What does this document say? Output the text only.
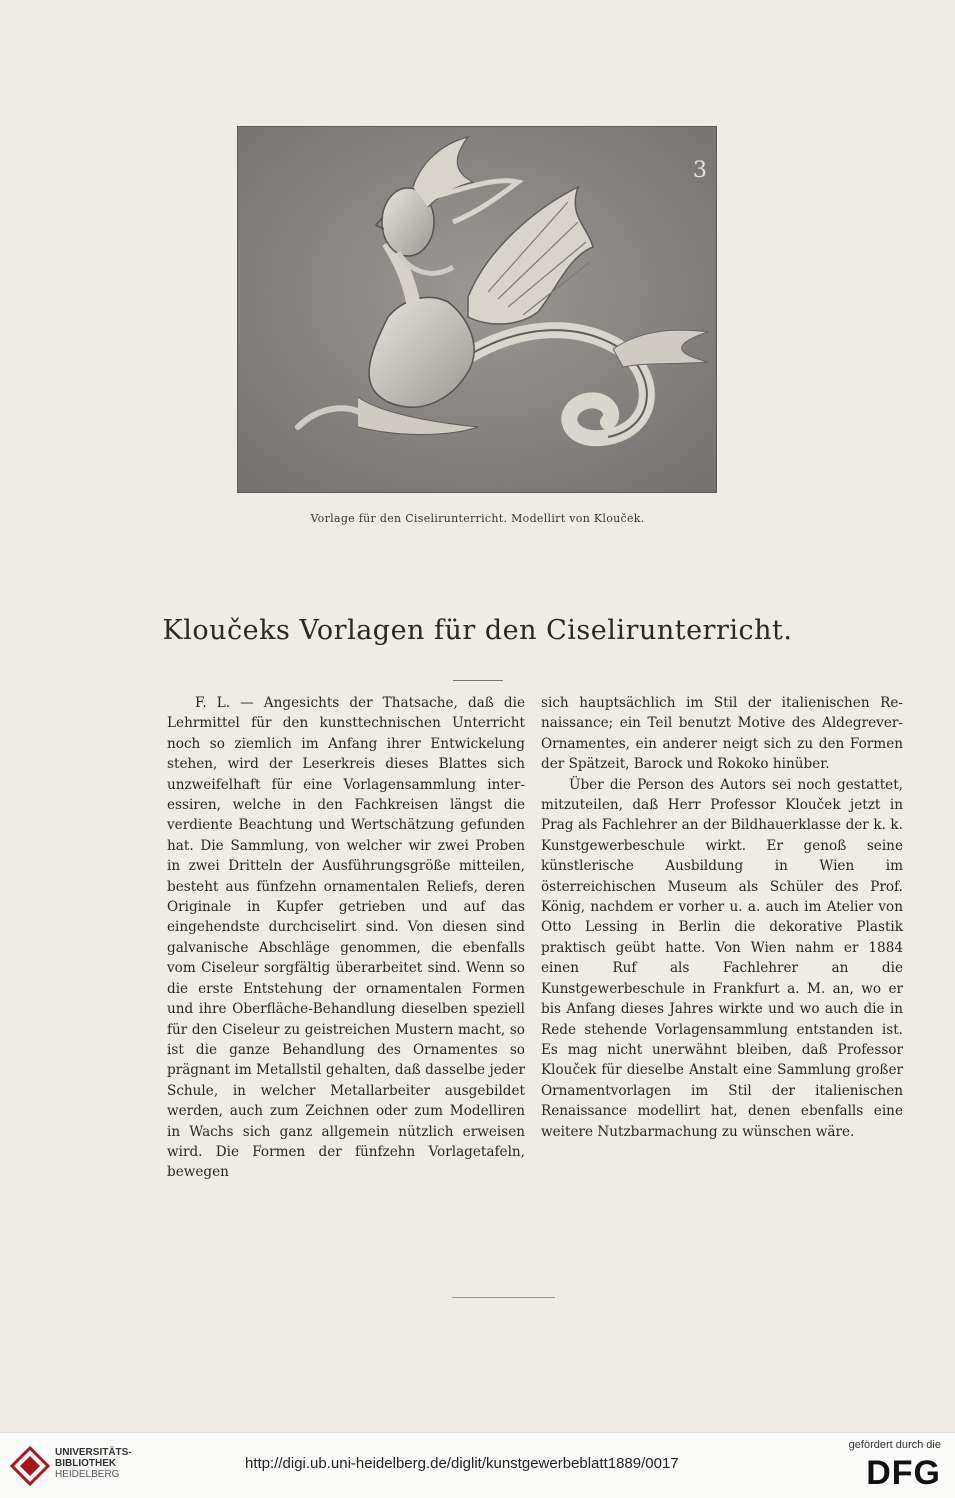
3
Vorlage für den Ciselirunterricht. Modellirt von Klouček.
Kloučeks Vorlagen für den Ciselirunterricht.

F. L. — Angesichts der Thatsache, daß die Lehrmittel für den kunsttechnischen Unterricht noch so ziemlich im Anfang ihrer Entwickelung stehen, wird der Leserkreis dieses Blattes sich unzweifelhaft für eine Vorlagensammlung interessiren, welche in den Fachkreisen längst die verdiente Beachtung und Wertschätzung gefunden hat. Die Sammlung, von welcher wir zwei Proben in zwei Dritteln der Ausführungsgröße mitteilen, besteht aus fünfzehn ornamentalen Reliefs, deren Originale in Kupfer getrieben und auf das eingehendste durchciselirt sind. Von diesen sind galvanische Abschläge genommen, die ebenfalls vom Ciseleur sorgfältig überarbeitet sind. Wenn so die erste Entstehung der ornamentalen Formen und ihre Oberfläche-Behandlung dieselben speziell für den Ciseleur zu geistreichen Mustern macht, so ist die ganze Behandlung des Ornamentes so prägnant im Metallstil gehalten, daß dasselbe jeder Schule, in welcher Metallarbeiter ausgebildet werden, auch zum Zeichnen oder zum Modelliren in Wachs sich ganz allgemein nützlich erweisen wird. Die Formen der fünfzehn Vorlagetafeln, bewegen

sich hauptsächlich im Stil der italienischen Renaissance; ein Teil benutzt Motive des Aldegrever-Ornamentes, ein anderer neigt sich zu den Formen der Spätzeit, Barock und Rokoko hinüber.

Über die Person des Autors sei noch gestattet, mitzuteilen, daß Herr Professor Klouček jetzt in Prag als Fachlehrer an der Bildhauerklasse der k. k. Kunstgewerbeschule wirkt. Er genoß seine künstlerische Ausbildung in Wien im österreichischen Museum als Schüler des Prof. König, nachdem er vorher u. a. auch im Atelier von Otto Lessing in Berlin die dekorative Plastik praktisch geübt hatte. Von Wien nahm er 1884 einen Ruf als Fachlehrer an die Kunstgewerbeschule in Frankfurt a. M. an, wo er bis Anfang dieses Jahres wirkte und wo auch die in Rede stehende Vorlagensammlung entstanden ist. Es mag nicht unerwähnt bleiben, daß Professor Klouček für dieselbe Anstalt eine Sammlung großer Ornamentvorlagen im Stil der italienischen Renaissance modellirt hat, denen ebenfalls eine weitere Nutzbarmachung zu wünschen wäre.

UNIVERSITÄTS-
BIBLIOTHEK
HEIDELBERG
http://digi.ub.uni-heidelberg.de/diglit/kunstgewerbeblatt1889/0017
gefördert durch die
DFG
